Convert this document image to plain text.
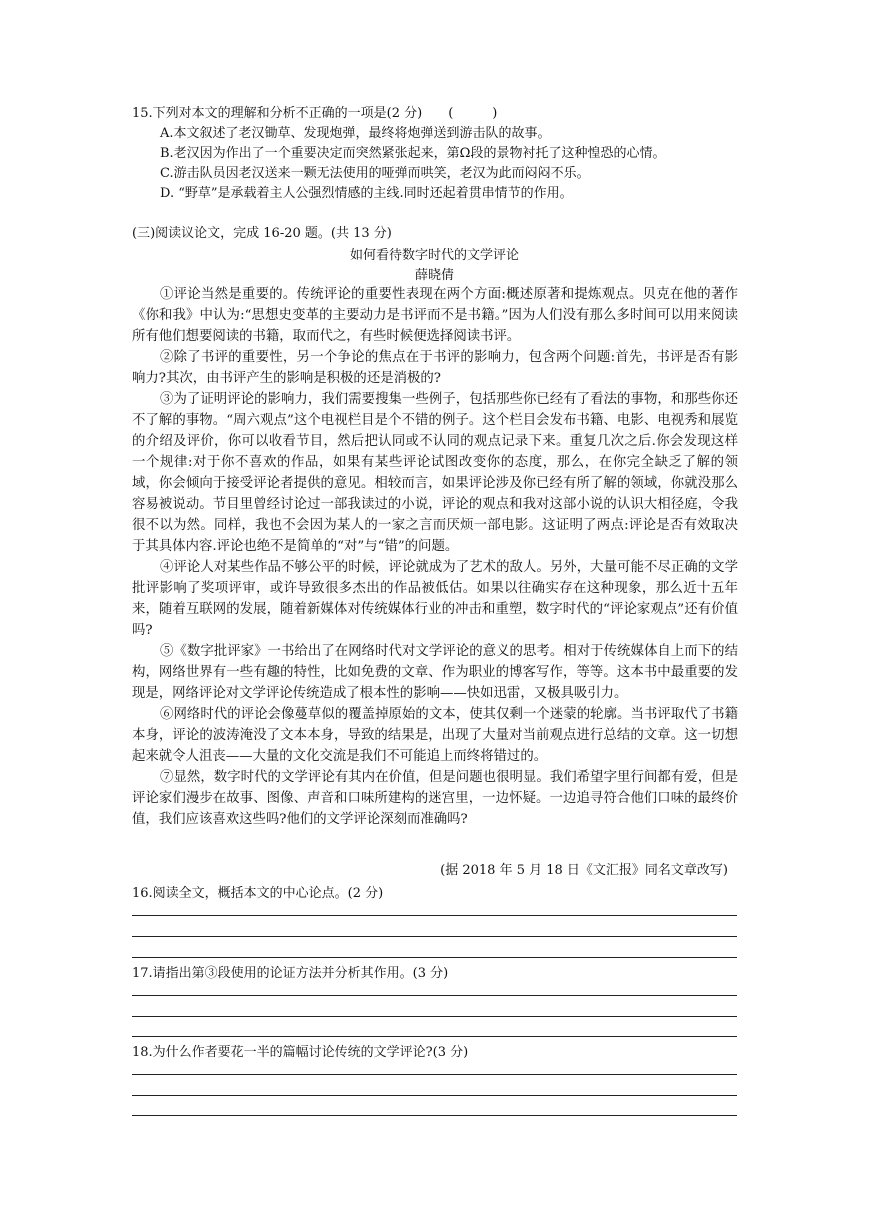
15.下列对本文的理解和分析不正确的一项是(2 分)　　(　　　)
A.本文叙述了老汉锄草、发现炮弹，最终将炮弹送到游击队的故事。
B.老汉因为作出了一个重要决定而突然紧张起来，第Ω段的景物衬托了这种惶恐的心情。
C.游击队员因老汉送来一颗无法使用的哑弹而哄笑，老汉为此而闷闷不乐。
D. “野草”是承载着主人公强烈情感的主线.同时还起着贯串情节的作用。
(三)阅读议论文，完成 16-20 题。(共 13 分)
如何看待数字时代的文学评论
薛晓倩

①评论当然是重要的。传统评论的重要性表现在两个方面:概述原著和提炼观点。贝克在他的著作《你和我》中认为:“思想史变革的主要动力是书评而不是书籍。”因为人们没有那么多时间可以用来阅读所有他们想要阅读的书籍，取而代之，有些时候便选择阅读书评。

②除了书评的重要性，另一个争论的焦点在于书评的影响力，包含两个问题:首先，书评是否有影响力?其次，由书评产生的影响是积极的还是消极的?

③为了证明评论的影响力，我们需要搜集一些例子，包括那些你已经有了看法的事物，和那些你还不了解的事物。“周六观点”这个电视栏目是个不错的例子。这个栏目会发布书籍、电影、电视秀和展览的介绍及评价，你可以收看节目，然后把认同或不认同的观点记录下来。重复几次之后.你会发现这样一个规律:对于你不喜欢的作品，如果有某些评论试图改变你的态度，那么，在你完全缺乏了解的领域，你会倾向于接受评论者提供的意见。相较而言，如果评论涉及你已经有所了解的领域，你就没那么容易被说动。节目里曾经讨论过一部我读过的小说，评论的观点和我对这部小说的认识大相径庭，令我很不以为然。同样，我也不会因为某人的一家之言而厌烦一部电影。这证明了两点:评论是否有效取决于其具体内容.评论也绝不是简单的“对”与“错”的问题。

④评论人对某些作品不够公平的时候，评论就成为了艺术的敌人。另外，大量可能不尽正确的文学批评影响了奖项评审，或许导致很多杰出的作品被低估。如果以往确实存在这种现象，那么近十五年来，随着互联网的发展，随着新媒体对传统媒体行业的冲击和重塑，数字时代的“评论家观点”还有价值吗?

⑤《数字批评家》一书给出了在网络时代对文学评论的意义的思考。相对于传统媒体自上而下的结构，网络世界有一些有趣的特性，比如免费的文章、作为职业的博客写作，等等。这本书中最重要的发现是，网络评论对文学评论传统造成了根本性的影响——快如迅雷，又极具吸引力。

⑥网络时代的评论会像蔓草似的覆盖掉原始的文本，使其仅剩一个迷蒙的轮廓。当书评取代了书籍本身，评论的波涛淹没了文本本身，导致的结果是，出现了大量对当前观点进行总结的文章。这一切想起来就令人沮丧——大量的文化交流是我们不可能追上而终将错过的。

⑦显然，数字时代的文学评论有其内在价值，但是问题也很明显。我们希望字里行间都有爱，但是评论家们漫步在故事、图像、声音和口味所建构的迷宫里，一边怀疑。一边追寻符合他们口味的最终价值，我们应该喜欢这些吗?他们的文学评论深刻而准确吗?

(据 2018 年 5 月 18 日《文汇报》同名文章改写)
16.阅读全文，概括本文的中心论点。(2 分)
17.请指出第③段使用的论证方法并分析其作用。(3 分)
18.为什么作者要花一半的篇幅讨论传统的文学评论?(3 分)
